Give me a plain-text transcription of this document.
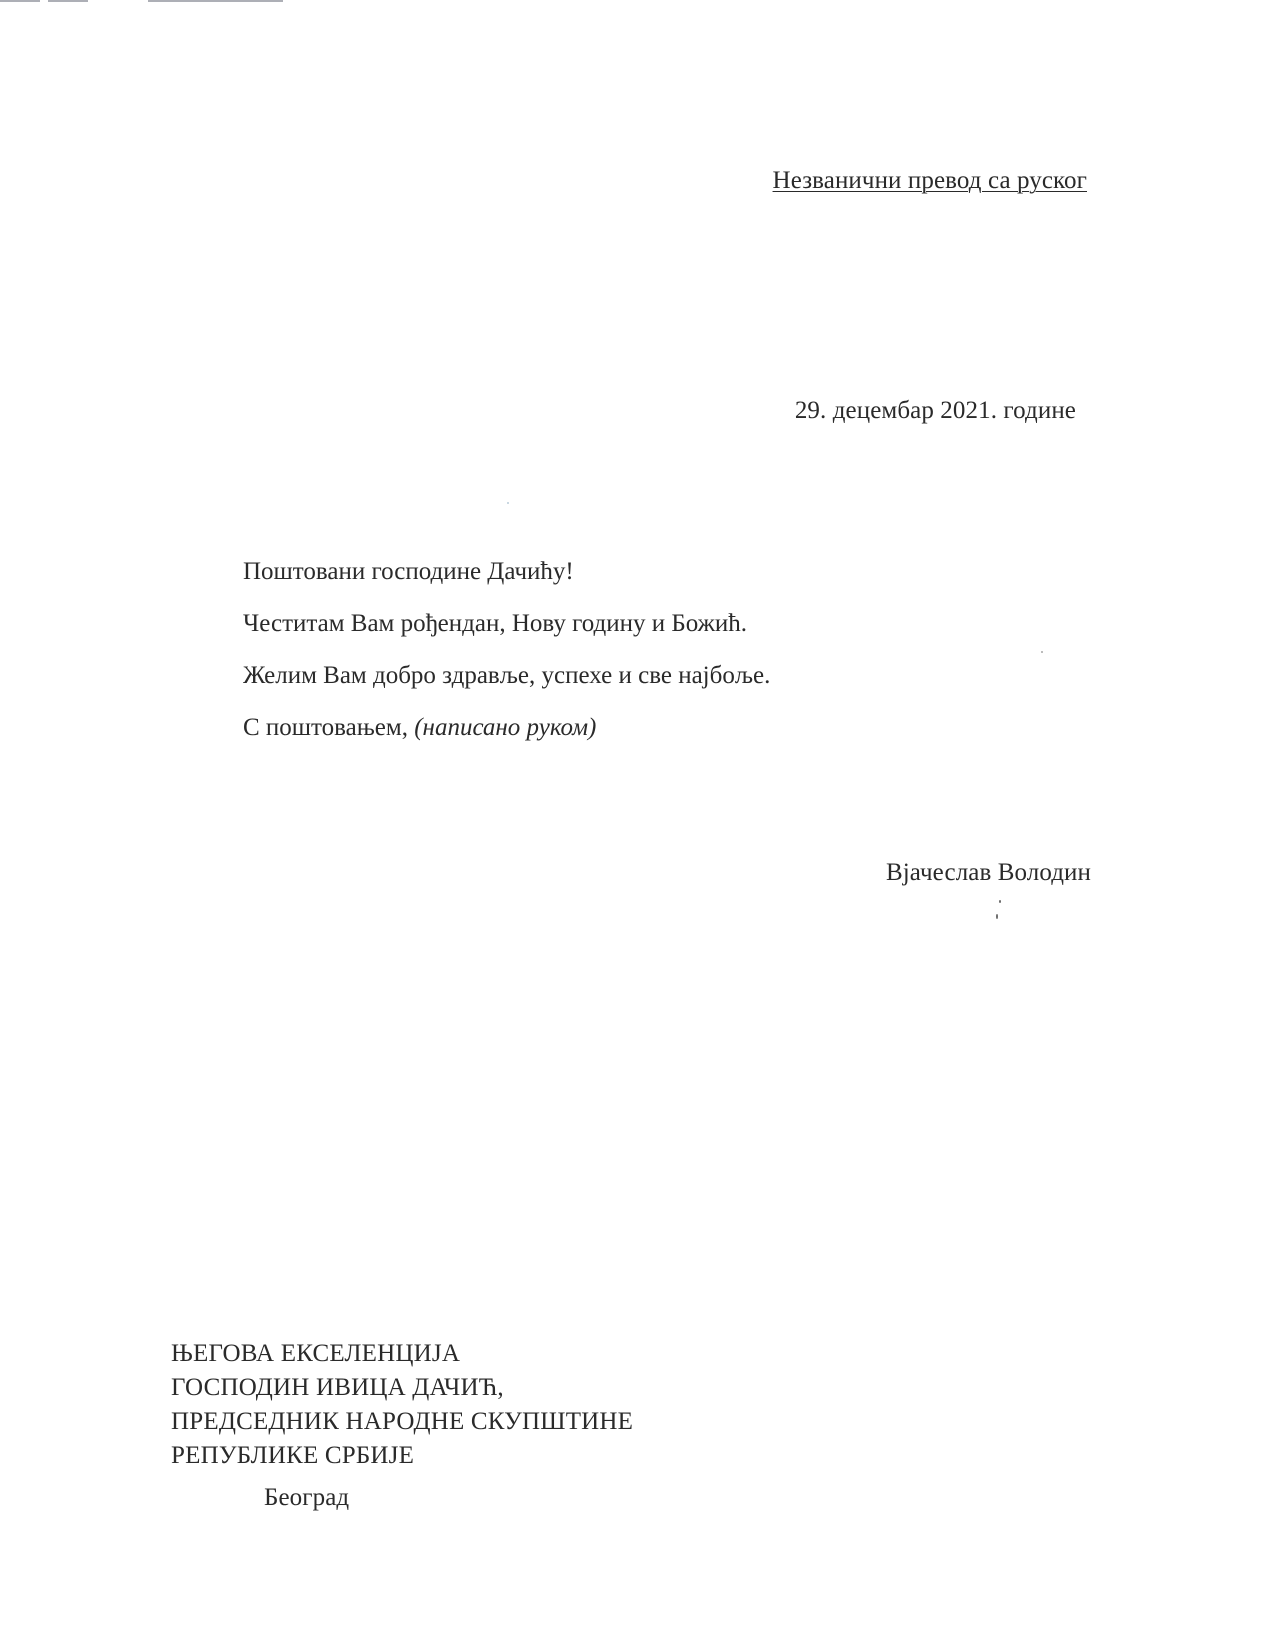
Незванични превод са руског
29. децембар 2021. године
Поштовани господине Дачићу!
Честитам Вам рођендан, Нову годину и Божић.
Желим Вам добро здравље, успехе и све најбоље.
С поштовањем, (написано руком)
Вјачеслав Володин
ЊЕГОВА ЕКСЕЛЕНЦИЈА
ГОСПОДИН ИВИЦА ДАЧИЋ,
ПРЕДСЕДНИК НАРОДНЕ СКУПШТИНЕ
РЕПУБЛИКЕ СРБИЈЕ
Београд
